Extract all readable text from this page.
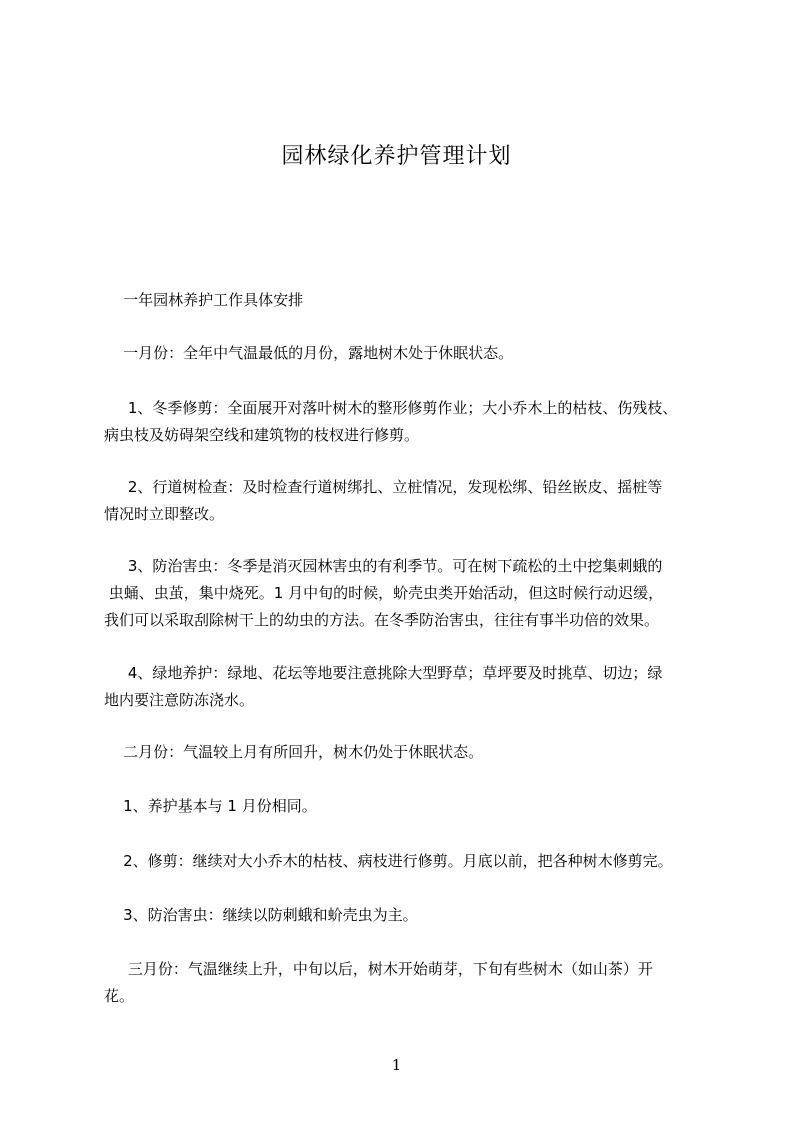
园林绿化养护管理计划
一年园林养护工作具体安排
一月份：全年中气温最低的月份，露地树木处于休眠状态。
1、冬季修剪：全面展开对落叶树木的整形修剪作业；大小乔木上的枯枝、伤残枝、
病虫枝及妨碍架空线和建筑物的枝杈进行修剪。
2、行道树检查：及时检查行道树绑扎、立桩情况，发现松绑、铅丝嵌皮、摇桩等
情况时立即整改。
3、防治害虫：冬季是消灭园林害虫的有利季节。可在树下疏松的土中挖集刺蛾的
虫蛹、虫茧，集中烧死。1 月中旬的时候，蚧壳虫类开始活动，但这时候行动迟缓，
我们可以采取刮除树干上的幼虫的方法。在冬季防治害虫，往往有事半功倍的效果。
4、绿地养护：绿地、花坛等地要注意挑除大型野草；草坪要及时挑草、切边；绿
地内要注意防冻浇水。
二月份：气温较上月有所回升，树木仍处于休眠状态。
1、养护基本与 1 月份相同。
2、修剪：继续对大小乔木的枯枝、病枝进行修剪。月底以前，把各种树木修剪完。
3、防治害虫：继续以防刺蛾和蚧壳虫为主。
三月份：气温继续上升，中旬以后，树木开始萌芽，下旬有些树木（如山茶）开
花。
1
